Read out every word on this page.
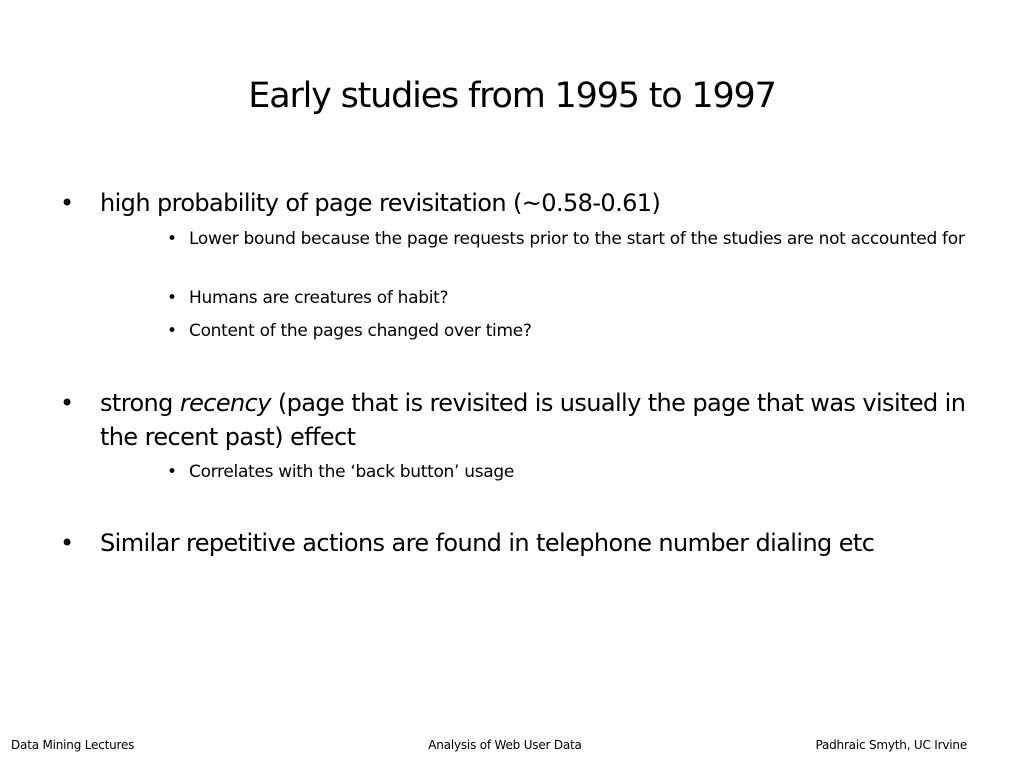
Early studies from 1995 to 1997
• high probability of page revisitation (~0.58-0.61)
• Lower bound because the page requests prior to the start of the studies are not accounted for
• Humans are creatures of habit?
• Content of the pages changed over time?
• strong recency (page that is revisited is usually the page that was visited in the recent past) effect
• Correlates with the ‘back button’ usage
• Similar repetitive actions are found in telephone number dialing etc
Data Mining Lectures	Analysis of Web User Data	Padhraic Smyth, UC Irvine
